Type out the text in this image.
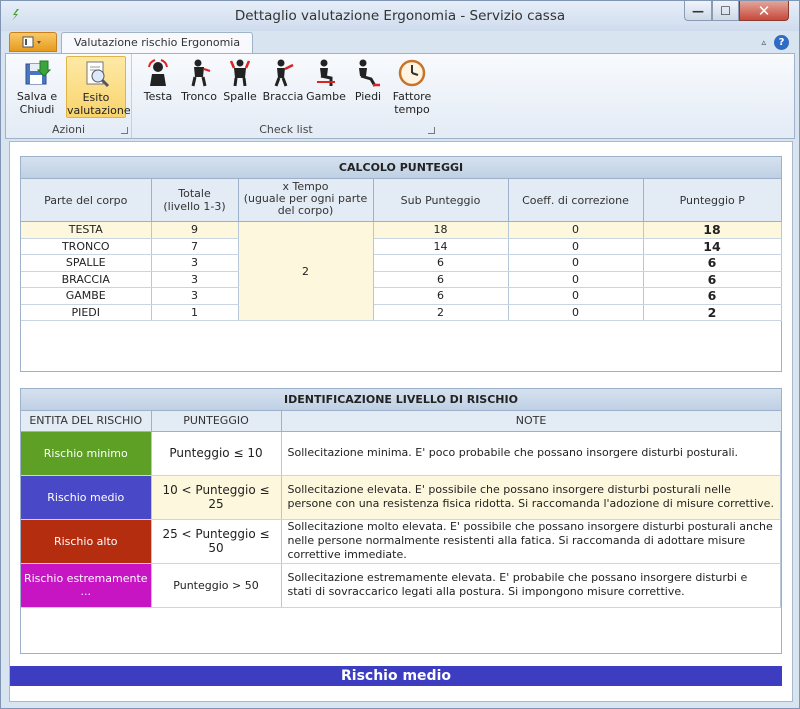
Dettaglio valutazione Ergonomia - Servizio cassa	— ☐ ✕
Valutazione rischio Ergonomia	▵	?
Salva e
Chiudi
Esito
valutazione
Azioni
Testa Tronco Spalle Braccia Gambe Piedi	Fattore
tempo
Check list
CALCOLO PUNTEGGI
Parte del corpo	Totale
(livello 1-3)	x Tempo
(uguale per ogni parte del corpo)	Sub Punteggio	Coeff. di correzione	Punteggio P
TESTA	9	2	18	0	18
TRONCO	7		14	0	14
SPALLE	3		6	0	6
BRACCIA	3		6	0	6
GAMBE	3		6	0	6
PIEDI	1		2	0	2
IDENTIFICAZIONE LIVELLO DI RISCHIO
ENTITA DEL RISCHIO	PUNTEGGIO	NOTE
Rischio minimo	Punteggio ≤ 10	Sollecitazione minima. E' poco probabile che possano insorgere disturbi posturali.
Rischio medio	10 < Punteggio ≤ 25	Sollecitazione elevata. E' possibile che possano insorgere disturbi posturali nelle persone con una resistenza fisica ridotta. Si raccomanda l'adozione di misure correttive.
Rischio alto	25 < Punteggio ≤ 50	Sollecitazione molto elevata. E' possibile che possano insorgere disturbi posturali anche nelle persone normalmente resistenti alla fatica. Si raccomanda di adottare misure correttive immediate.
Rischio estremamente ...	Punteggio > 50	Sollecitazione estremamente elevata. E' probabile che possano insorgere disturbi e stati di sovraccarico legati alla postura. Si impongono misure correttive.
Rischio medio
